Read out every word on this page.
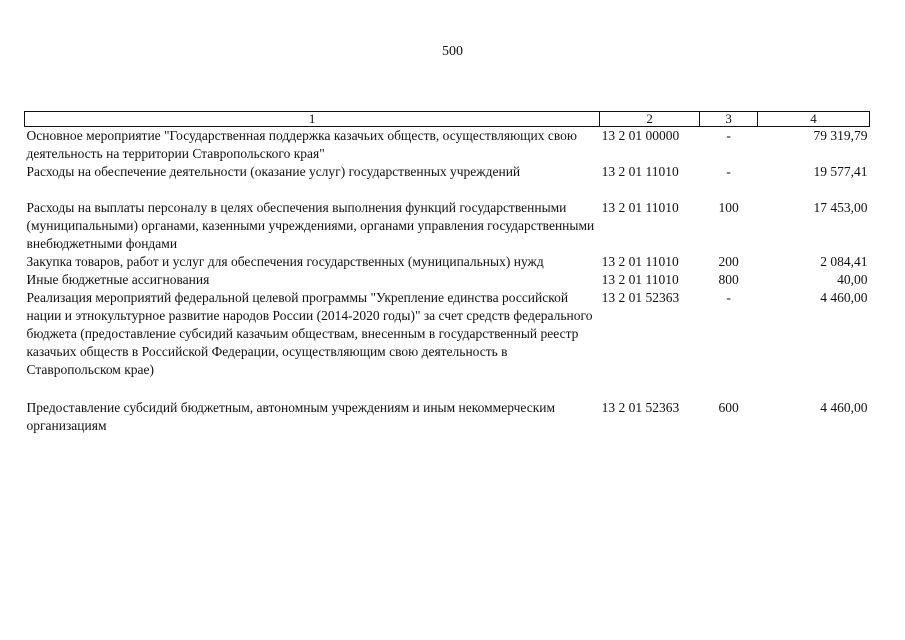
500
1	2	3	4
Основное мероприятие "Государственная поддержка казачьих обществ, осуществляющих свою деятельность на территории Ставропольского края"	13 2 01 00000	-	79 319,79
Расходы на обеспечение деятельности (оказание услуг) государственных учреждений	13 2 01 11010	-	19 577,41
Расходы на выплаты персоналу в целях обеспечения выполнения функций государственными (муниципальными) органами, казенными учреждениями, органами управления государственными внебюджетными фондами	13 2 01 11010	100	17 453,00
Закупка товаров, работ и услуг для обеспечения государственных (муниципальных) нужд	13 2 01 11010	200	2 084,41
Иные бюджетные ассигнования	13 2 01 11010	800	40,00
Реализация мероприятий федеральной целевой программы "Укрепление единства российской нации и этнокультурное развитие народов России (2014-2020 годы)" за счет средств федерального бюджета (предоставление субсидий казачьим обществам, внесенным в государственный реестр казачьих обществ в Российской Федерации, осуществляющим свою деятельность в Ставропольском крае)	13 2 01 52363	-	4 460,00
Предоставление субсидий бюджетным, автономным учреждениям и иным некоммерческим организациям	13 2 01 52363	600	4 460,00
